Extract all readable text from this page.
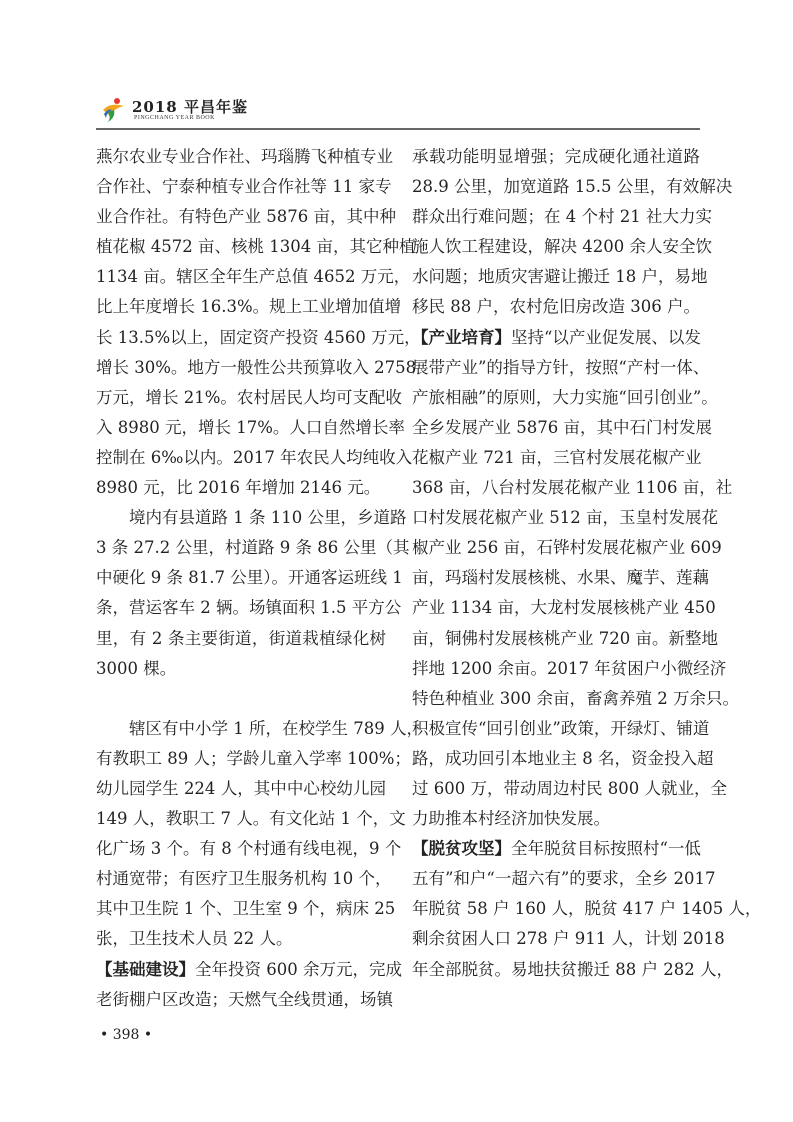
2018 平昌年鉴
PINGCHANG YEAR BOOK
燕尔农业专业合作社、玛瑙腾飞种植专业
合作社、宁泰种植专业合作社等 11 家专
业合作社。有特色产业 5876 亩，其中种
植花椒 4572 亩、核桃 1304 亩，其它种植
1134 亩。辖区全年生产总值 4652 万元，
比上年度增长 16.3%。规上工业增加值增
长 13.5%以上，固定资产投资 4560 万元，
增长 30%。地方一般性公共预算收入 2758
万元，增长 21%。农村居民人均可支配收
入 8980 元，增长 17%。人口自然增长率
控制在 6‰以内。2017 年农民人均纯收入
8980 元，比 2016 年增加 2146 元。
境内有县道路 1 条 110 公里，乡道路
3 条 27.2 公里，村道路 9 条 86 公里（其
中硬化 9 条 81.7 公里）。开通客运班线 1
条，营运客车 2 辆。场镇面积 1.5 平方公
里，有 2 条主要街道，街道栽植绿化树
3000 棵。
辖区有中小学 1 所，在校学生 789 人，
有教职工 89 人；学龄儿童入学率 100%；
幼儿园学生 224 人，其中中心校幼儿园
149 人，教职工 7 人。有文化站 1 个，文
化广场 3 个。有 8 个村通有线电视，9 个
村通宽带；有医疗卫生服务机构 10 个，
其中卫生院 1 个、卫生室 9 个，病床 25
张，卫生技术人员 22 人。
【基础建设】全年投资 600 余万元，完成
老街棚户区改造；天燃气全线贯通，场镇
承载功能明显增强；完成硬化通社道路
28.9 公里，加宽道路 15.5 公里，有效解决
群众出行难问题；在 4 个村 21 社大力实
施人饮工程建设，解决 4200 余人安全饮
水问题；地质灾害避让搬迁 18 户，易地
移民 88 户，农村危旧房改造 306 户。
【产业培育】坚持“以产业促发展、以发
展带产业”的指导方针，按照“产村一体、
产旅相融”的原则，大力实施“回引创业”。
全乡发展产业 5876 亩，其中石门村发展
花椒产业 721 亩，三官村发展花椒产业
368 亩，八台村发展花椒产业 1106 亩，社
口村发展花椒产业 512 亩，玉皇村发展花
椒产业 256 亩，石铧村发展花椒产业 609
亩，玛瑙村发展核桃、水果、魔芋、莲藕
产业 1134 亩，大龙村发展核桃产业 450
亩，铜佛村发展核桃产业 720 亩。新整地
拌地 1200 余亩。2017 年贫困户小微经济
特色种植业 300 余亩，畜禽养殖 2 万余只。
积极宣传“回引创业”政策，开绿灯、铺道
路，成功回引本地业主 8 名，资金投入超
过 600 万，带动周边村民 800 人就业，全
力助推本村经济加快发展。
【脱贫攻坚】全年脱贫目标按照村“一低
五有”和户“一超六有”的要求，全乡 2017
年脱贫 58 户 160 人，脱贫 417 户 1405 人，
剩余贫困人口 278 户 911 人，计划 2018
年全部脱贫。易地扶贫搬迁 88 户 282 人，
• 398 •
